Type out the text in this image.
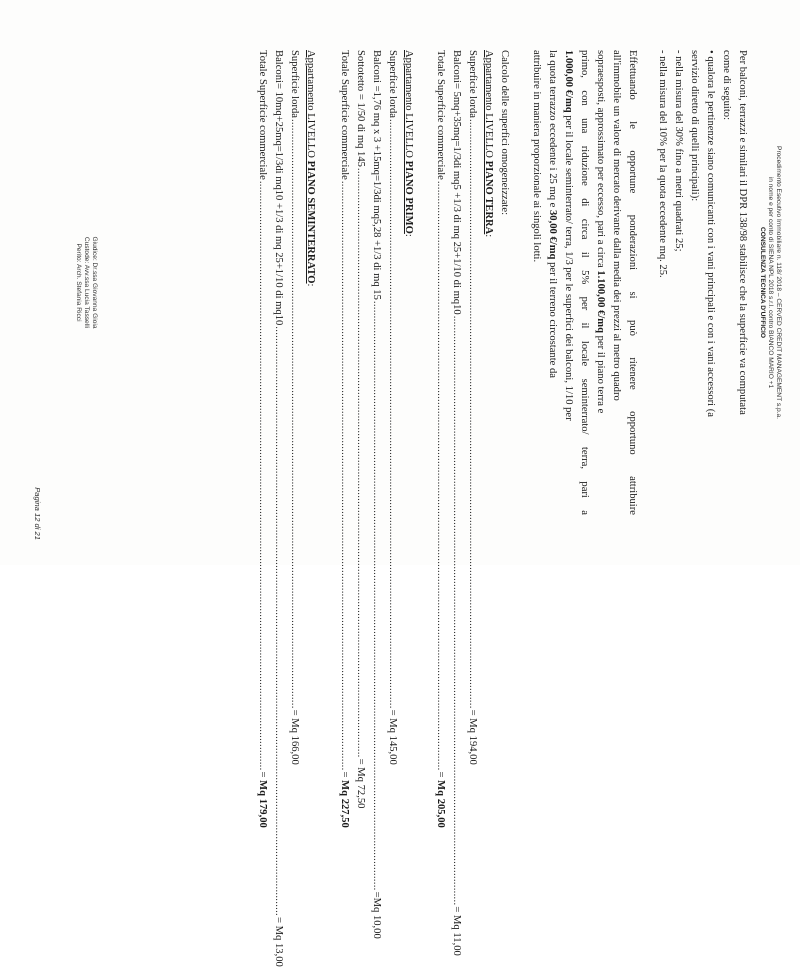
Procedimento Esecutivo Immobiliare n. 118/ 2018 – CERVED CREDIT MANAGEMENT s.p.a.
in nome e per conto di SIENA NPL 2018 s.r.l. contro BIANCO MARIO +1
CONSULENZA TECNICA D'UFFICIO
Per balconi, terrazzi e similari il DPR 138/98 stabilisce che la superficie va computata
come di seguito:
• qualora le pertinenze siano comunicanti con i vani principali e con i vani accessori (a
servizio diretto di quelli principali):
- nella misura del 30% fino a metri quadrati 25;
- nella misura del 10% per la quota eccedente mq. 25.
Effettuando
le
opportune
ponderazioni
si
può
ritenere
opportuno
attribuire
all'immobile un valore di mercato derivante dalla media dei prezzi al metro quadro
sopraesposti, approssimato per eccesso, pari a circa 1.100,00 €/mq per il piano terra e
primo,
con
una
riduzione
di
circa
il
5%
per
il
locale
seminterrato/
terra,
pari
a
1.000,00 €/mq per il locale seminterrato/ terra, 1/3 per le superfici dei balconi, 1/10 per
la quota terrazzo eccedente i 25 mq e 30,00 €/mq per il terreno circostante da
attribuire in maniera proporzionale ai singoli lotti.
Calcolo delle superfici omogeneizzate:
Appartamento LIVELLO PIANO TERRA:
Superficie lorda
........................................................................................................................................................................................................
= Mq
194,00
Balconi= 5mq+35mq=1/3di mq5 +1/3 di mq 25+1/10 di mq10
........................................................................................................................................................................................................
= Mq
11,00
Totale Superficie commerciale
........................................................................................................................................................................................................
=
Mq 205,00
Appartamento LIVELLO PIANO PRIMO:
Superficie lorda
........................................................................................................................................................................................................
= Mq
145,00
Balconi =1,76 mq x 3 +15mq=1/3di mq5,28 +1/3 di mq 15
........................................................................................................................................................................................................
=Mq
10,00
Sottotetto = 1/50 di mq 145
........................................................................................................................................................................................................
= Mq
72,50
Totale Superficie commerciale
........................................................................................................................................................................................................
=
Mq 227,50
Appartamento LIVELLO PIANO SEMINTERRATO:
Superficie lorda
........................................................................................................................................................................................................
= Mq
166,00
Balconi= 10mq+25mq=1/3di mq10 +1/3 di mq 25+1/10 di mq10
........................................................................................................................................................................................................
= Mq
13,00
Totale Superficie commerciale
........................................................................................................................................................................................................
=
Mq 179,00
Giudice: Dr.ssa Giovanna Gioia
Custode: Avv.ssa Lucia Tasselli
Perito: Arch. Stefania Ricci
Pagina 12 di 21
